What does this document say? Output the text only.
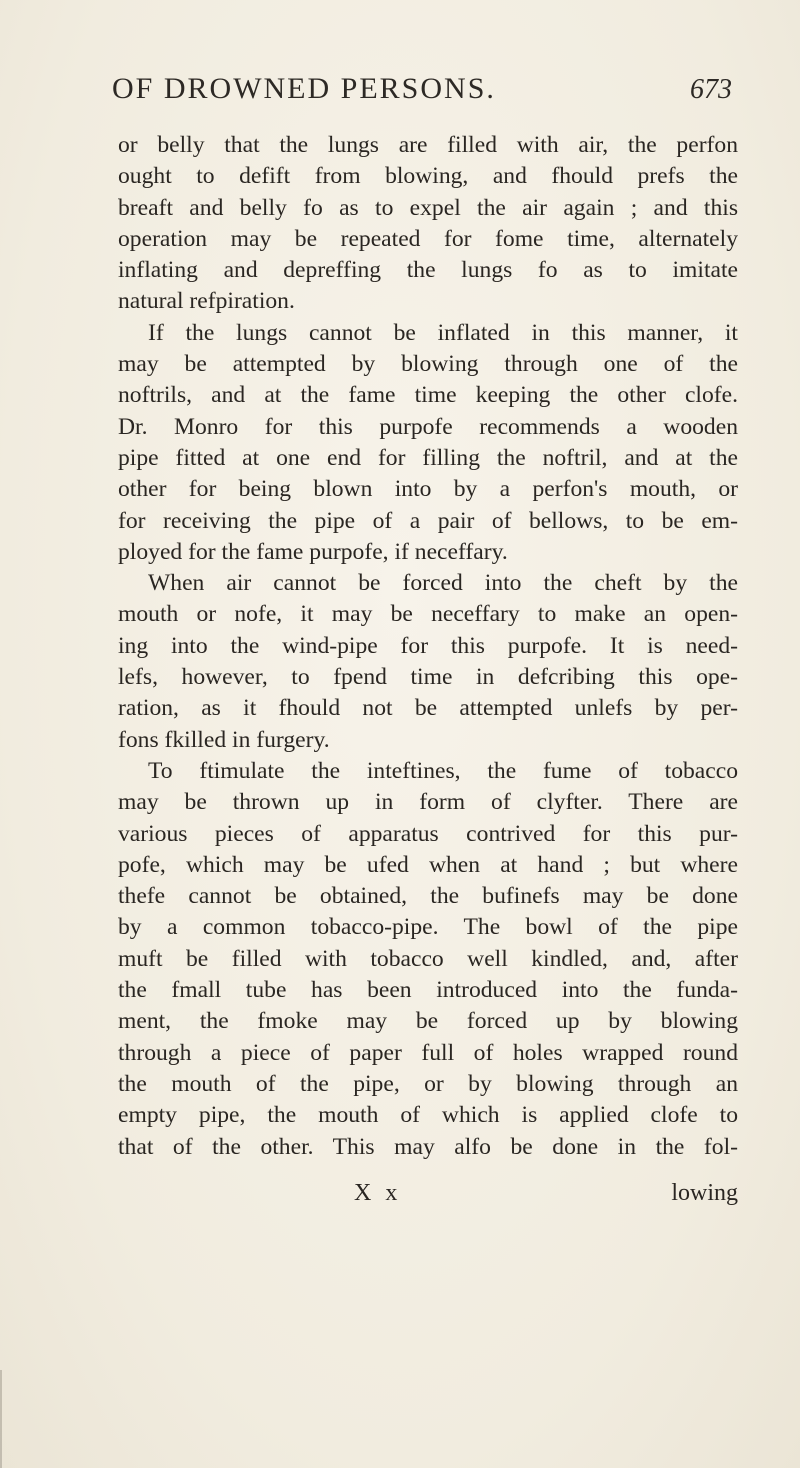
OF DROWNED PERSONS.	673
or belly that the lungs are filled with air, the perfon
ought to defift from blowing, and fhould prefs the
breaft and belly fo as to expel the air again ; and this
operation may be repeated for fome time, alternately
inflating and depreffing the lungs fo as to imitate
natural refpiration.
If the lungs cannot be inflated in this manner, it
may be attempted by blowing through one of the
noftrils, and at the fame time keeping the other clofe.
Dr. Monro for this purpofe recommends a wooden
pipe fitted at one end for filling the noftril, and at the
other for being blown into by a perfon's mouth, or
for receiving the pipe of a pair of bellows, to be em-
ployed for the fame purpofe, if neceffary.
When air cannot be forced into the cheft by the
mouth or nofe, it may be neceffary to make an open-
ing into the wind-pipe for this purpofe. It is need-
lefs, however, to fpend time in defcribing this ope-
ration, as it fhould not be attempted unlefs by per-
fons fkilled in furgery.
To ftimulate the inteftines, the fume of tobacco
may be thrown up in form of clyfter. There are
various pieces of apparatus contrived for this pur-
pofe, which may be ufed when at hand ; but where
thefe cannot be obtained, the bufinefs may be done
by a common tobacco-pipe. The bowl of the pipe
muft be filled with tobacco well kindled, and, after
the fmall tube has been introduced into the funda-
ment, the fmoke may be forced up by blowing
through a piece of paper full of holes wrapped round
the mouth of the pipe, or by blowing through an
empty pipe, the mouth of which is applied clofe to
that of the other. This may alfo be done in the fol-
X x	lowing
